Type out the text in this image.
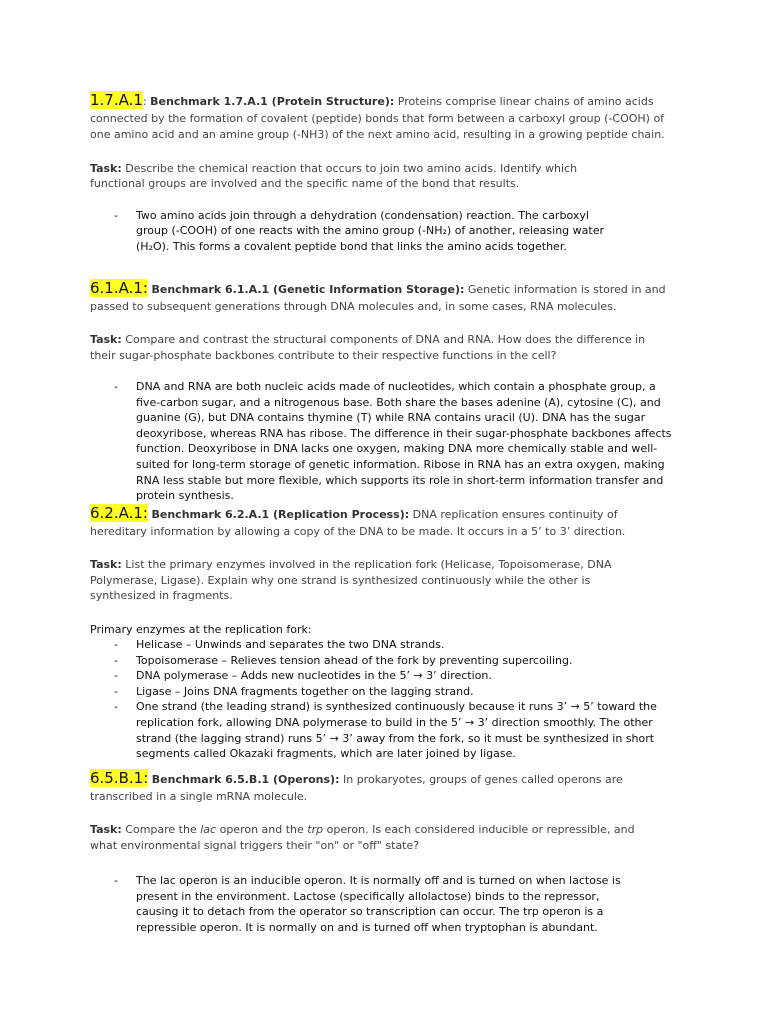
1.7.A.1: Benchmark 1.7.A.1 (Protein Structure): Proteins comprise linear chains of amino acids connected by the formation of covalent (peptide) bonds that form between a carboxyl group (-COOH) of one amino acid and an amine group (-NH3) of the next amino acid, resulting in a growing peptide chain.

Task: Describe the chemical reaction that occurs to join two amino acids. Identify which functional groups are involved and the specific name of the bond that results.

- Two amino acids join through a dehydration (condensation) reaction. The carboxyl group (-COOH) of one reacts with the amino group (-NH₂) of another, releasing water (H₂O). This forms a covalent peptide bond that links the amino acids together.

6.1.A.1: Benchmark 6.1.A.1 (Genetic Information Storage): Genetic information is stored in and passed to subsequent generations through DNA molecules and, in some cases, RNA molecules.

Task: Compare and contrast the structural components of DNA and RNA. How does the difference in their sugar-phosphate backbones contribute to their respective functions in the cell?

- DNA and RNA are both nucleic acids made of nucleotides, which contain a phosphate group, a five-carbon sugar, and a nitrogenous base. Both share the bases adenine (A), cytosine (C), and guanine (G), but DNA contains thymine (T) while RNA contains uracil (U). DNA has the sugar deoxyribose, whereas RNA has ribose. The difference in their sugar-phosphate backbones affects function. Deoxyribose in DNA lacks one oxygen, making DNA more chemically stable and well-suited for long-term storage of genetic information. Ribose in RNA has an extra oxygen, making RNA less stable but more flexible, which supports its role in short-term information transfer and protein synthesis.

6.2.A.1: Benchmark 6.2.A.1 (Replication Process): DNA replication ensures continuity of hereditary information by allowing a copy of the DNA to be made. It occurs in a 5’ to 3’ direction.

Task: List the primary enzymes involved in the replication fork (Helicase, Topoisomerase, DNA Polymerase, Ligase). Explain why one strand is synthesized continuously while the other is synthesized in fragments.

Primary enzymes at the replication fork:

- Helicase – Unwinds and separates the two DNA strands.
- Topoisomerase – Relieves tension ahead of the fork by preventing supercoiling.
- DNA polymerase – Adds new nucleotides in the 5’ → 3’ direction.
- Ligase – Joins DNA fragments together on the lagging strand.
- One strand (the leading strand) is synthesized continuously because it runs 3’ → 5’ toward the replication fork, allowing DNA polymerase to build in the 5’ → 3’ direction smoothly. The other strand (the lagging strand) runs 5’ → 3’ away from the fork, so it must be synthesized in short segments called Okazaki fragments, which are later joined by ligase.

6.5.B.1: Benchmark 6.5.B.1 (Operons): In prokaryotes, groups of genes called operons are transcribed in a single mRNA molecule.

Task: Compare the lac operon and the trp operon. Is each considered inducible or repressible, and what environmental signal triggers their "on" or "off" state?

- The lac operon is an inducible operon. It is normally off and is turned on when lactose is present in the environment. Lactose (specifically allolactose) binds to the repressor, causing it to detach from the operator so transcription can occur. The trp operon is a repressible operon. It is normally on and is turned off when tryptophan is abundant.
